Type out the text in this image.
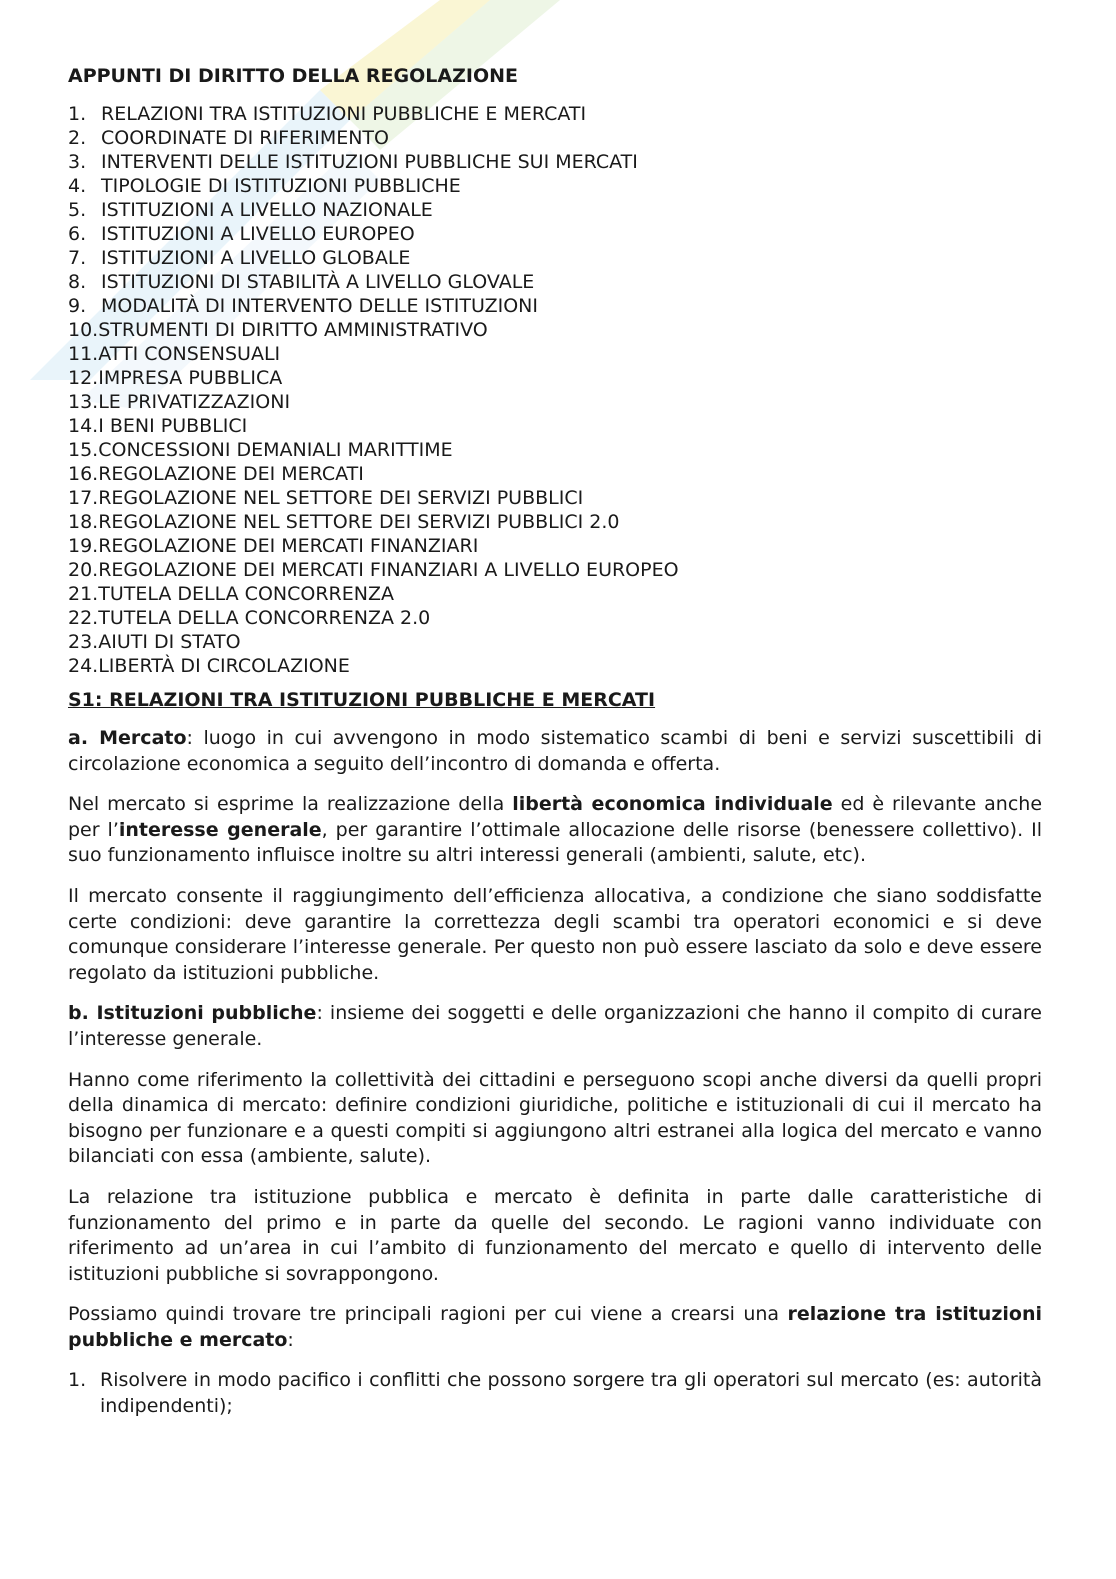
APPUNTI DI DIRITTO DELLA REGOLAZIONE
1. RELAZIONI TRA ISTITUZIONI PUBBLICHE E MERCATI
2. COORDINATE DI RIFERIMENTO
3. INTERVENTI DELLE ISTITUZIONI PUBBLICHE SUI MERCATI
4. TIPOLOGIE DI ISTITUZIONI PUBBLICHE
5. ISTITUZIONI A LIVELLO NAZIONALE
6. ISTITUZIONI A LIVELLO EUROPEO
7. ISTITUZIONI A LIVELLO GLOBALE
8. ISTITUZIONI DI STABILITÀ A LIVELLO GLOVALE
9. MODALITÀ DI INTERVENTO DELLE ISTITUZIONI
10. STRUMENTI DI DIRITTO AMMINISTRATIVO
11. ATTI CONSENSUALI
12. IMPRESA PUBBLICA
13. LE PRIVATIZZAZIONI
14. I BENI PUBBLICI
15. CONCESSIONI DEMANIALI MARITTIME
16. REGOLAZIONE DEI MERCATI
17. REGOLAZIONE NEL SETTORE DEI SERVIZI PUBBLICI
18. REGOLAZIONE NEL SETTORE DEI SERVIZI PUBBLICI 2.0
19. REGOLAZIONE DEI MERCATI FINANZIARI
20. REGOLAZIONE DEI MERCATI FINANZIARI A LIVELLO EUROPEO
21. TUTELA DELLA CONCORRENZA
22. TUTELA DELLA CONCORRENZA 2.0
23. AIUTI DI STATO
24. LIBERTÀ DI CIRCOLAZIONE
S1: RELAZIONI TRA ISTITUZIONI PUBBLICHE E MERCATI

a. Mercato: luogo in cui avvengono in modo sistematico scambi di beni e servizi suscettibili di circolazione economica a seguito dell’incontro di domanda e offerta.

Nel mercato si esprime la realizzazione della libertà economica individuale ed è rilevante anche per l’interesse generale, per garantire l’ottimale allocazione delle risorse (benessere collettivo). Il suo funzionamento influisce inoltre su altri interessi generali (ambienti, salute, etc).

Il mercato consente il raggiungimento dell’efficienza allocativa, a condizione che siano soddisfatte certe condizioni: deve garantire la correttezza degli scambi tra operatori economici e si deve comunque considerare l’interesse generale. Per questo non può essere lasciato da solo e deve essere regolato da istituzioni pubbliche.

b. Istituzioni pubbliche: insieme dei soggetti e delle organizzazioni che hanno il compito di curare l’interesse generale.

Hanno come riferimento la collettività dei cittadini e perseguono scopi anche diversi da quelli propri della dinamica di mercato: definire condizioni giuridiche, politiche e istituzionali di cui il mercato ha bisogno per funzionare e a questi compiti si aggiungono altri estranei alla logica del mercato e vanno bilanciati con essa (ambiente, salute).

La relazione tra istituzione pubblica e mercato è definita in parte dalle caratteristiche di funzionamento del primo e in parte da quelle del secondo. Le ragioni vanno individuate con riferimento ad un’area in cui l’ambito di funzionamento del mercato e quello di intervento delle istituzioni pubbliche si sovrappongono.

Possiamo quindi trovare tre principali ragioni per cui viene a crearsi una relazione tra istituzioni pubbliche e mercato:

1. Risolvere in modo pacifico i conflitti che possono sorgere tra gli operatori sul mercato (es: autorità indipendenti);
